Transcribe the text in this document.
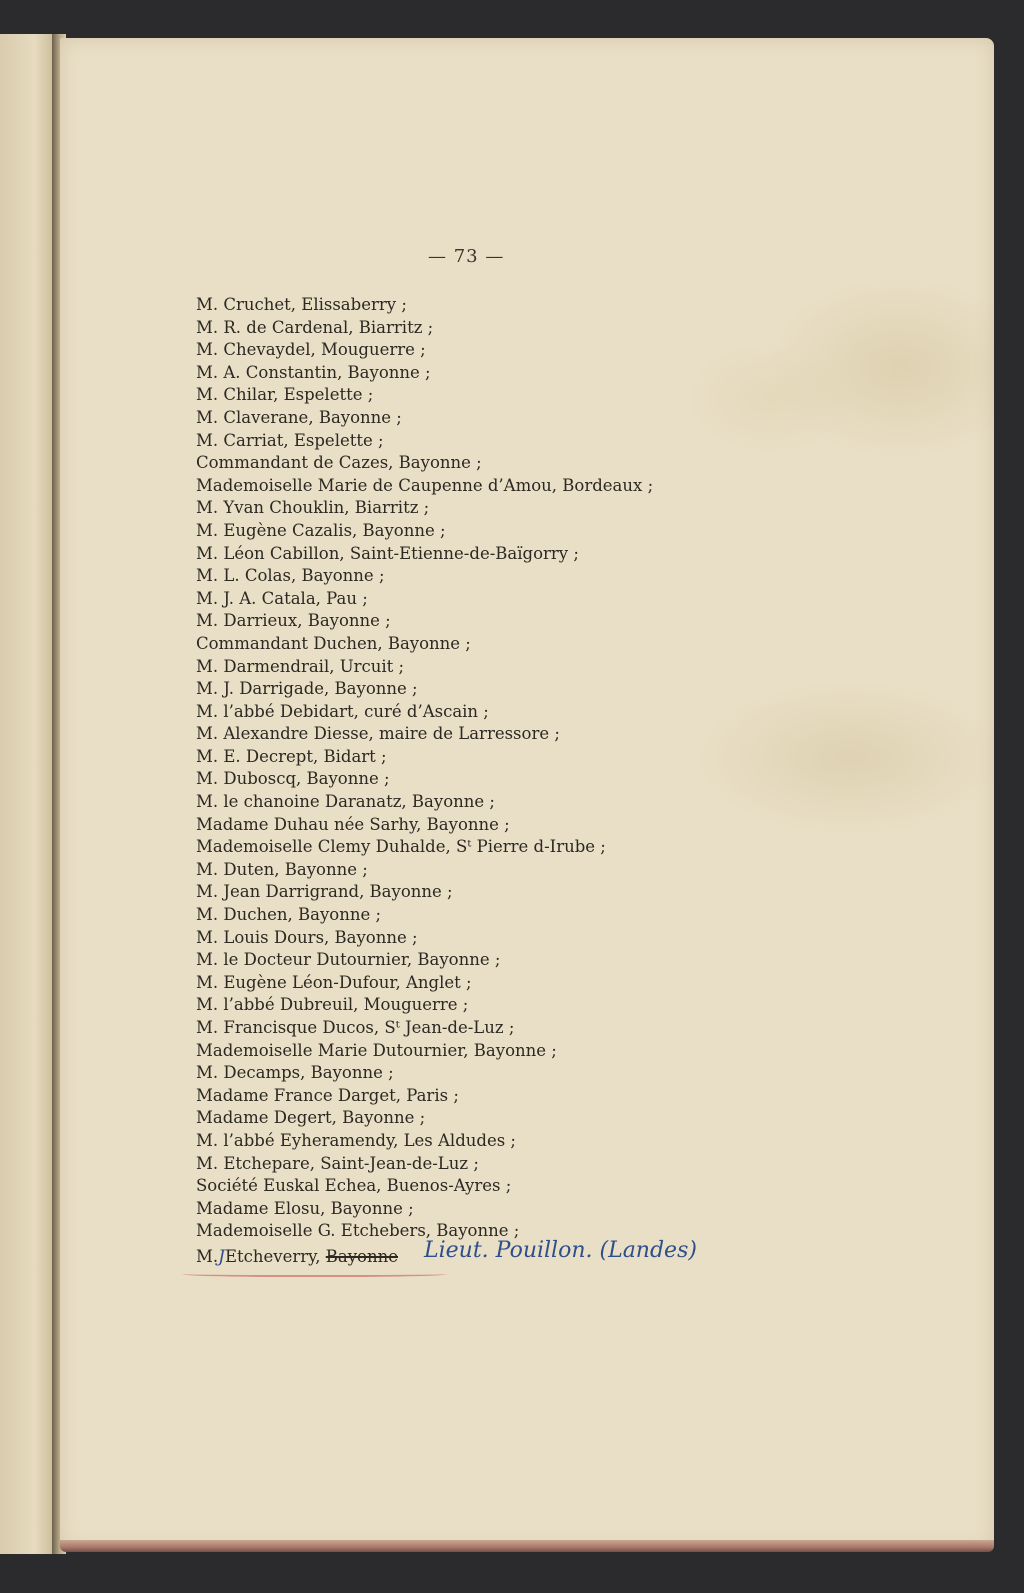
— 73 —
M. Cruchet, Elissaberry ;
M. R. de Cardenal, Biarritz ;
M. Chevaydel, Mouguerre ;
M. A. Constantin, Bayonne ;
M. Chilar, Espelette ;
M. Claverane, Bayonne ;
M. Carriat, Espelette ;
Commandant de Cazes, Bayonne ;
Mademoiselle Marie de Caupenne d’Amou, Bordeaux ;
M. Yvan Chouklin, Biarritz ;
M. Eugène Cazalis, Bayonne ;
M. Léon Cabillon, Saint-Etienne-de-Baïgorry ;
M. L. Colas, Bayonne ;
M. J. A. Catala, Pau ;
M. Darrieux, Bayonne ;
Commandant Duchen, Bayonne ;
M. Darmendrail, Urcuit ;
M. J. Darrigade, Bayonne ;
M. l’abbé Debidart, curé d’Ascain ;
M. Alexandre Diesse, maire de Larressore ;
M. E. Decrept, Bidart ;
M. Duboscq, Bayonne ;
M. le chanoine Daranatz, Bayonne ;
Madame Duhau née Sarhy, Bayonne ;
Mademoiselle Clemy Duhalde, Sᵗ Pierre d-Irube ;
M. Duten, Bayonne ;
M. Jean Darrigrand, Bayonne ;
M. Duchen, Bayonne ;
M. Louis Dours, Bayonne ;
M. le Docteur Dutournier, Bayonne ;
M. Eugène Léon-Dufour, Anglet ;
M. l’abbé Dubreuil, Mouguerre ;
M. Francisque Ducos, Sᵗ Jean-de-Luz ;
Mademoiselle Marie Dutournier, Bayonne ;
M. Decamps, Bayonne ;
Madame France Darget, Paris ;
Madame Degert, Bayonne ;
M. l’abbé Eyheramendy, Les Aldudes ;
M. Etchepare, Saint-Jean-de-Luz ;
Société Euskal Echea, Buenos-Ayres ;
Madame Elosu, Bayonne ;
Mademoiselle G. Etchebers, Bayonne ;
M.JEtcheverry, Bayonne Lieut. Pouillon. (Landes)
